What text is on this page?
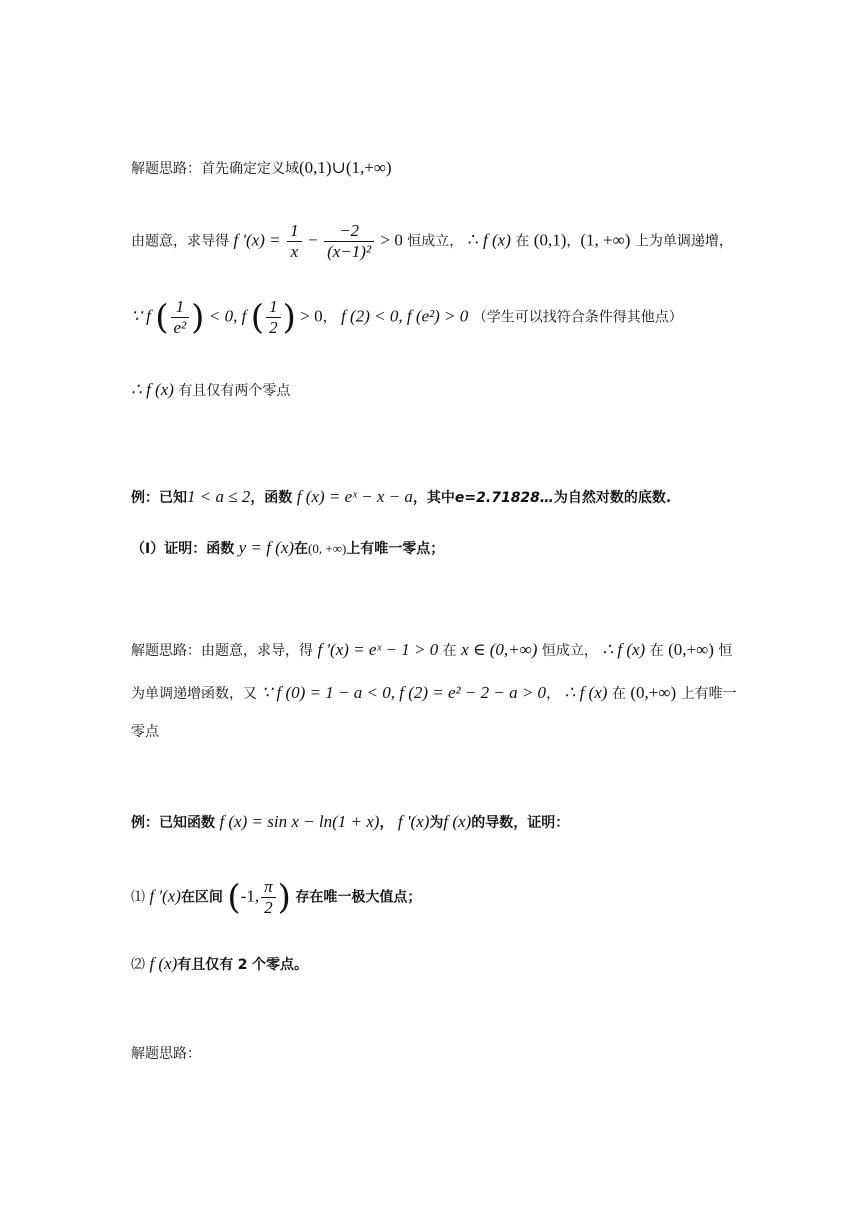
解题思路：首先确定定义域(0,1)∪(1,+∞)
由题意，求导得 f '$(x) = \frac{1}{x} - \frac{-2}{\text{(x−1)²}} > 0$ 恒成立， ∴ f (x) 在 (0,1)，(1, +∞) 上为单调递增，
∵ f ( $\frac{1}{\text{e²}}$ ) < 0, f ( $\frac{1}{2}$ ) > 0， f (2) < 0, f (e²) > 0 （学生可以找符合条件得其他点）
∴ f (x) 有且仅有两个零点
例：已知1 < a ≤ 2，函数 f (x) = eˣ − x − a，其中e=2.71828…为自然对数的底数.
（Ⅰ）证明：函数 y = f (x)在(0, +∞)上有唯一零点；
解题思路：由题意，求导，得 f '(x) = eˣ − 1 > 0 在 x ∈ (0,+∞) 恒成立， ∴ f (x) 在 (0,+∞) 恒
为单调递增函数，又 ∵ f (0) = 1 − a < 0, f (2) = e² − 2 − a > 0， ∴ f (x) 在 (0,+∞) 上有唯一
零点
例：已知函数 f (x) = sin x − ln(1 + x)， f '(x)为f (x)的导数，证明：
⑴ f '(x)在区间 (-1, $\frac{\pi}{2}$ ) 存在唯一极大值点；
⑵ f (x)有且仅有 2 个零点。
解题思路：
